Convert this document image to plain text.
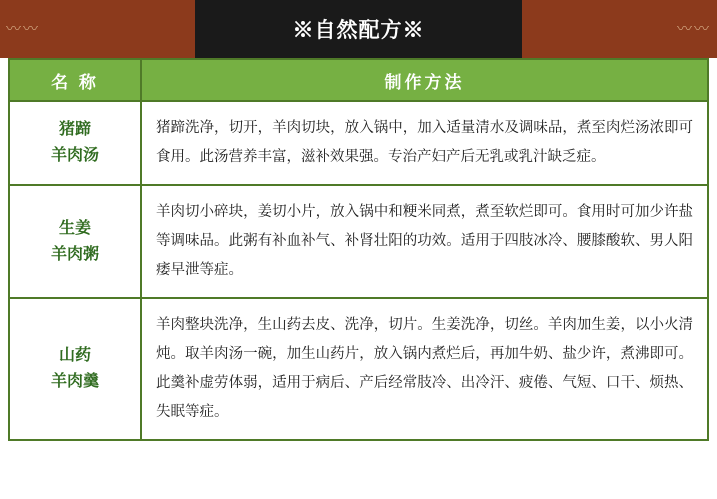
〰〰	※自然配方※	〰〰
名 称	制作方法

猪蹄
羊肉汤	猪蹄洗净，切开，羊肉切块，放入锅中，加入适量清水及调味品，煮至肉烂汤浓即可食用。此汤营养丰富，滋补效果强。专治产妇产后无乳或乳汁缺乏症。

生姜
羊肉粥	羊肉切小碎块，姜切小片，放入锅中和粳米同煮，煮至软烂即可。食用时可加少许盐等调味品。此粥有补血补气、补肾壮阳的功效。适用于四肢冰冷、腰膝酸软、男人阳痿早泄等症。

山药
羊肉羹	羊肉整块洗净，生山药去皮、洗净，切片。生姜洗净，切丝。羊肉加生姜，以小火清炖。取羊肉汤一碗，加生山药片，放入锅内煮烂后，再加牛奶、盐少许，煮沸即可。此羹补虚劳体弱，适用于病后、产后经常肢冷、出冷汗、疲倦、气短、口干、烦热、失眠等症。
